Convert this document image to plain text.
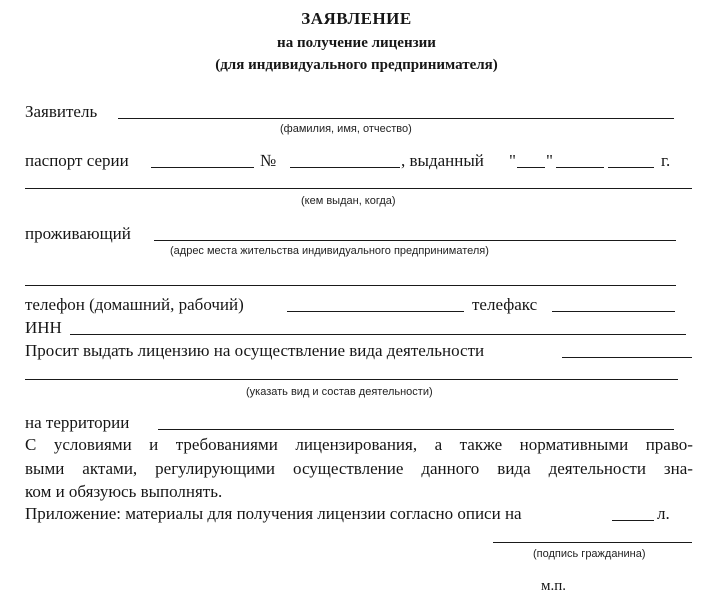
ЗАЯВЛЕНИЕ
на получение лицензии
(для индивидуального предпринимателя)
Заявитель
(фамилия, имя, отчество)
паспорт серии	№	, выданный " "	г.
(кем выдан, когда)
проживающий
(адрес места жительства индивидуального предпринимателя)
телефон (домашний, рабочий)	телефакс
ИНН
Просит выдать лицензию на осуществление вида деятельности
(указать вид и состав деятельности)
на территории
С условиями и требованиями лицензирования, а также нормативными право-
выми актами, регулирующими осуществление данного вида деятельности зна-
ком и обязуюсь выполнять.
Приложение: материалы для получения лицензии согласно описи на	л.
(подпись гражданина)
м.п.
